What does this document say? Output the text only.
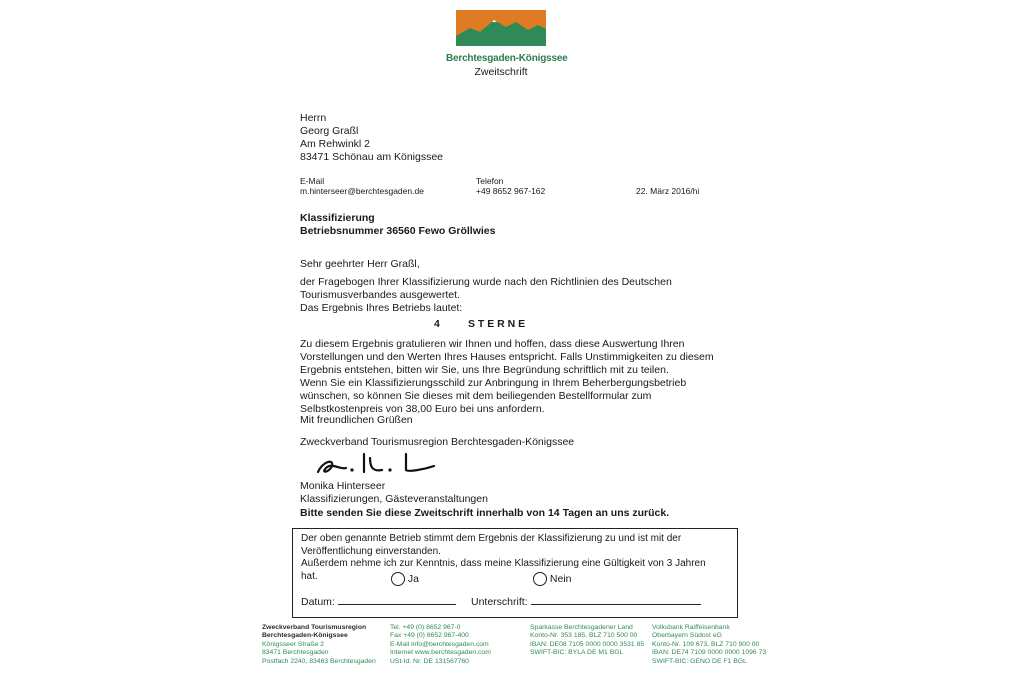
Berchtesgaden-Königssee
Zweitschrift
Herrn
Georg Graßl
Am Rehwinkl 2
83471 Schönau am Königssee
E-Mail
m.hinterseer@berchtesgaden.de
Telefon
+49 8652 967-162	22. März 2016/hi
Klassifizierung
Betriebsnummer 36560 Fewo Gröllwies
Sehr geehrter Herr Graßl,
der Fragebogen Ihrer Klassifizierung wurde nach den Richtlinien des Deutschen
Tourismusverbandes ausgewertet.
Das Ergebnis Ihres Betriebs lautet:
4	S T E R N E
Zu diesem Ergebnis gratulieren wir Ihnen und hoffen, dass diese Auswertung Ihren
Vorstellungen und den Werten Ihres Hauses entspricht. Falls Unstimmigkeiten zu diesem
Ergebnis entstehen, bitten wir Sie, uns Ihre Begründung schriftlich mit zu teilen.
Wenn Sie ein Klassifizierungsschild zur Anbringung in Ihrem Beherbergungsbetrieb
wünschen, so können Sie dieses mit dem beiliegenden Bestellformular zum
Selbstkostenpreis von 38,00 Euro bei uns anfordern.
Mit freundlichen Grüßen
Zweckverband Tourismusregion Berchtesgaden-Königssee
Monika Hinterseer
Klassifizierungen, Gästeveranstaltungen
Bitte senden Sie diese Zweitschrift innerhalb von 14 Tagen an uns zurück.
Der oben genannte Betrieb stimmt dem Ergebnis der Klassifizierung zu und ist mit der
Veröffentlichung einverstanden.
Außerdem nehme ich zur Kenntnis, dass meine Klassifizierung eine Gültigkeit von 3 Jahren
hat.	Ja	Nein
Datum:	Unterschrift:
Zweckverband Tourismusregion
Berchtesgaden-Königssee
Königsseer Straße 2
83471 Berchtesgaden
Postfach 2240, 83463 Berchtesgaden
Tel. +49 (0) 8652 967-0
Fax +49 (0) 8652 967-400
E-Mail info@berchtesgaden.com
Internet www.berchtesgaden.com
USt-Id. Nr. DE 131567760
Sparkasse Berchtesgadener Land
Konto-Nr. 353 185, BLZ 710 500 00
IBAN: DE08 7105 0000 0000 3531 85
SWIFT-BIC: BYLA DE M1 BGL
Volksbank Raiffeisenbank
Oberbayern Südost eG
Konto-Nr. 109 673, BLZ 710 900 00
IBAN: DE74 7109 0000 0000 1096 73
SWIFT-BIC: GENO DE F1 BGL
